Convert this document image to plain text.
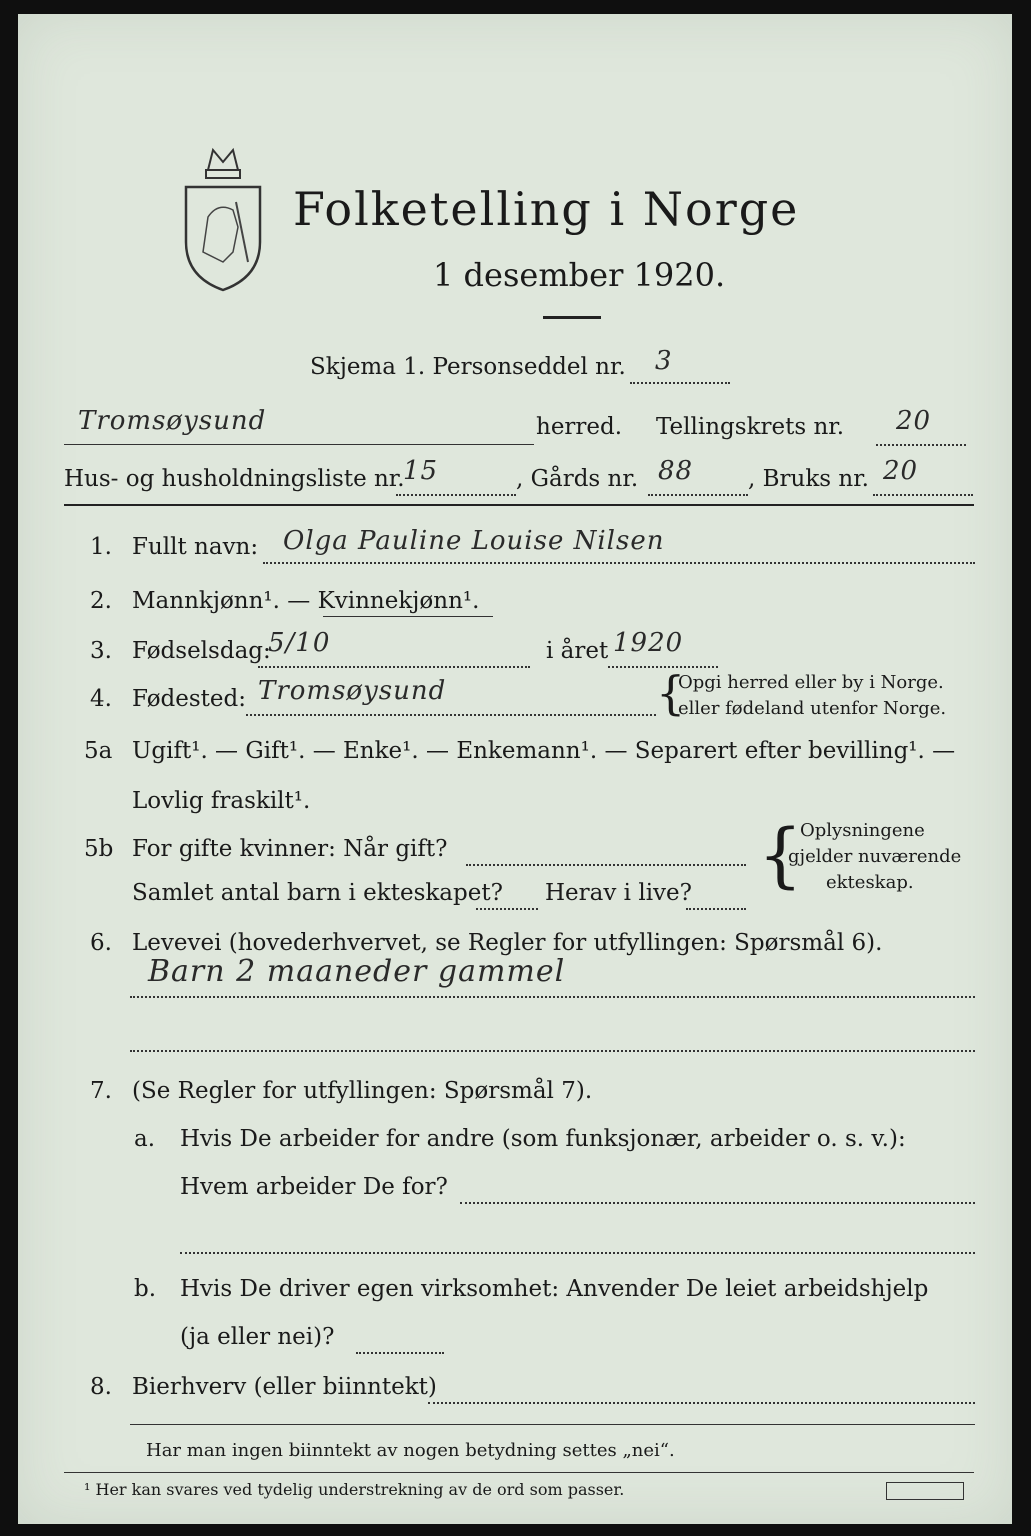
Folketelling i Norge
1 desember 1920.
Skjema 1. Personseddel nr. 3
Tromsøysund	herred. Tellingskrets nr. 20
Hus- og husholdningsliste nr.
15	, Gårds nr. 88 , Bruks nr. 20
1. Fullt navn: Olga Pauline Louise Nilsen
2. Mannkjønn¹. — Kvinnekjønn¹.
3. Fødselsdag:
5/10	i året 1920
4. Fødested: Tromsøysund	{
Opgi herred eller by i Norge.
eller fødeland utenfor Norge.
5a Ugift¹. — Gift¹. — Enke¹. — Enkemann¹. — Separert efter bevilling¹. —
Lovlig fraskilt¹.
5b For gifte kvinner: Når gift?
Samlet antal barn i ekteskapet? Herav i live? {
Oplysningene
gjelder nuværende
ekteskap.
6. Levevei (hovederhvervet, se Regler for utfyllingen: Spørsmål 6).
Barn 2 maaneder gammel
7. (Se Regler for utfyllingen: Spørsmål 7).
a. Hvis De arbeider for andre (som funksjonær, arbeider o. s. v.):
Hvem arbeider De for?
b. Hvis De driver egen virksomhet: Anvender De leiet arbeidshjelp
(ja eller nei)?
8. Bierhverv (eller biinntekt)
Har man ingen biinntekt av nogen betydning settes „nei“.
¹ Her kan svares ved tydelig understrekning av de ord som passer.
